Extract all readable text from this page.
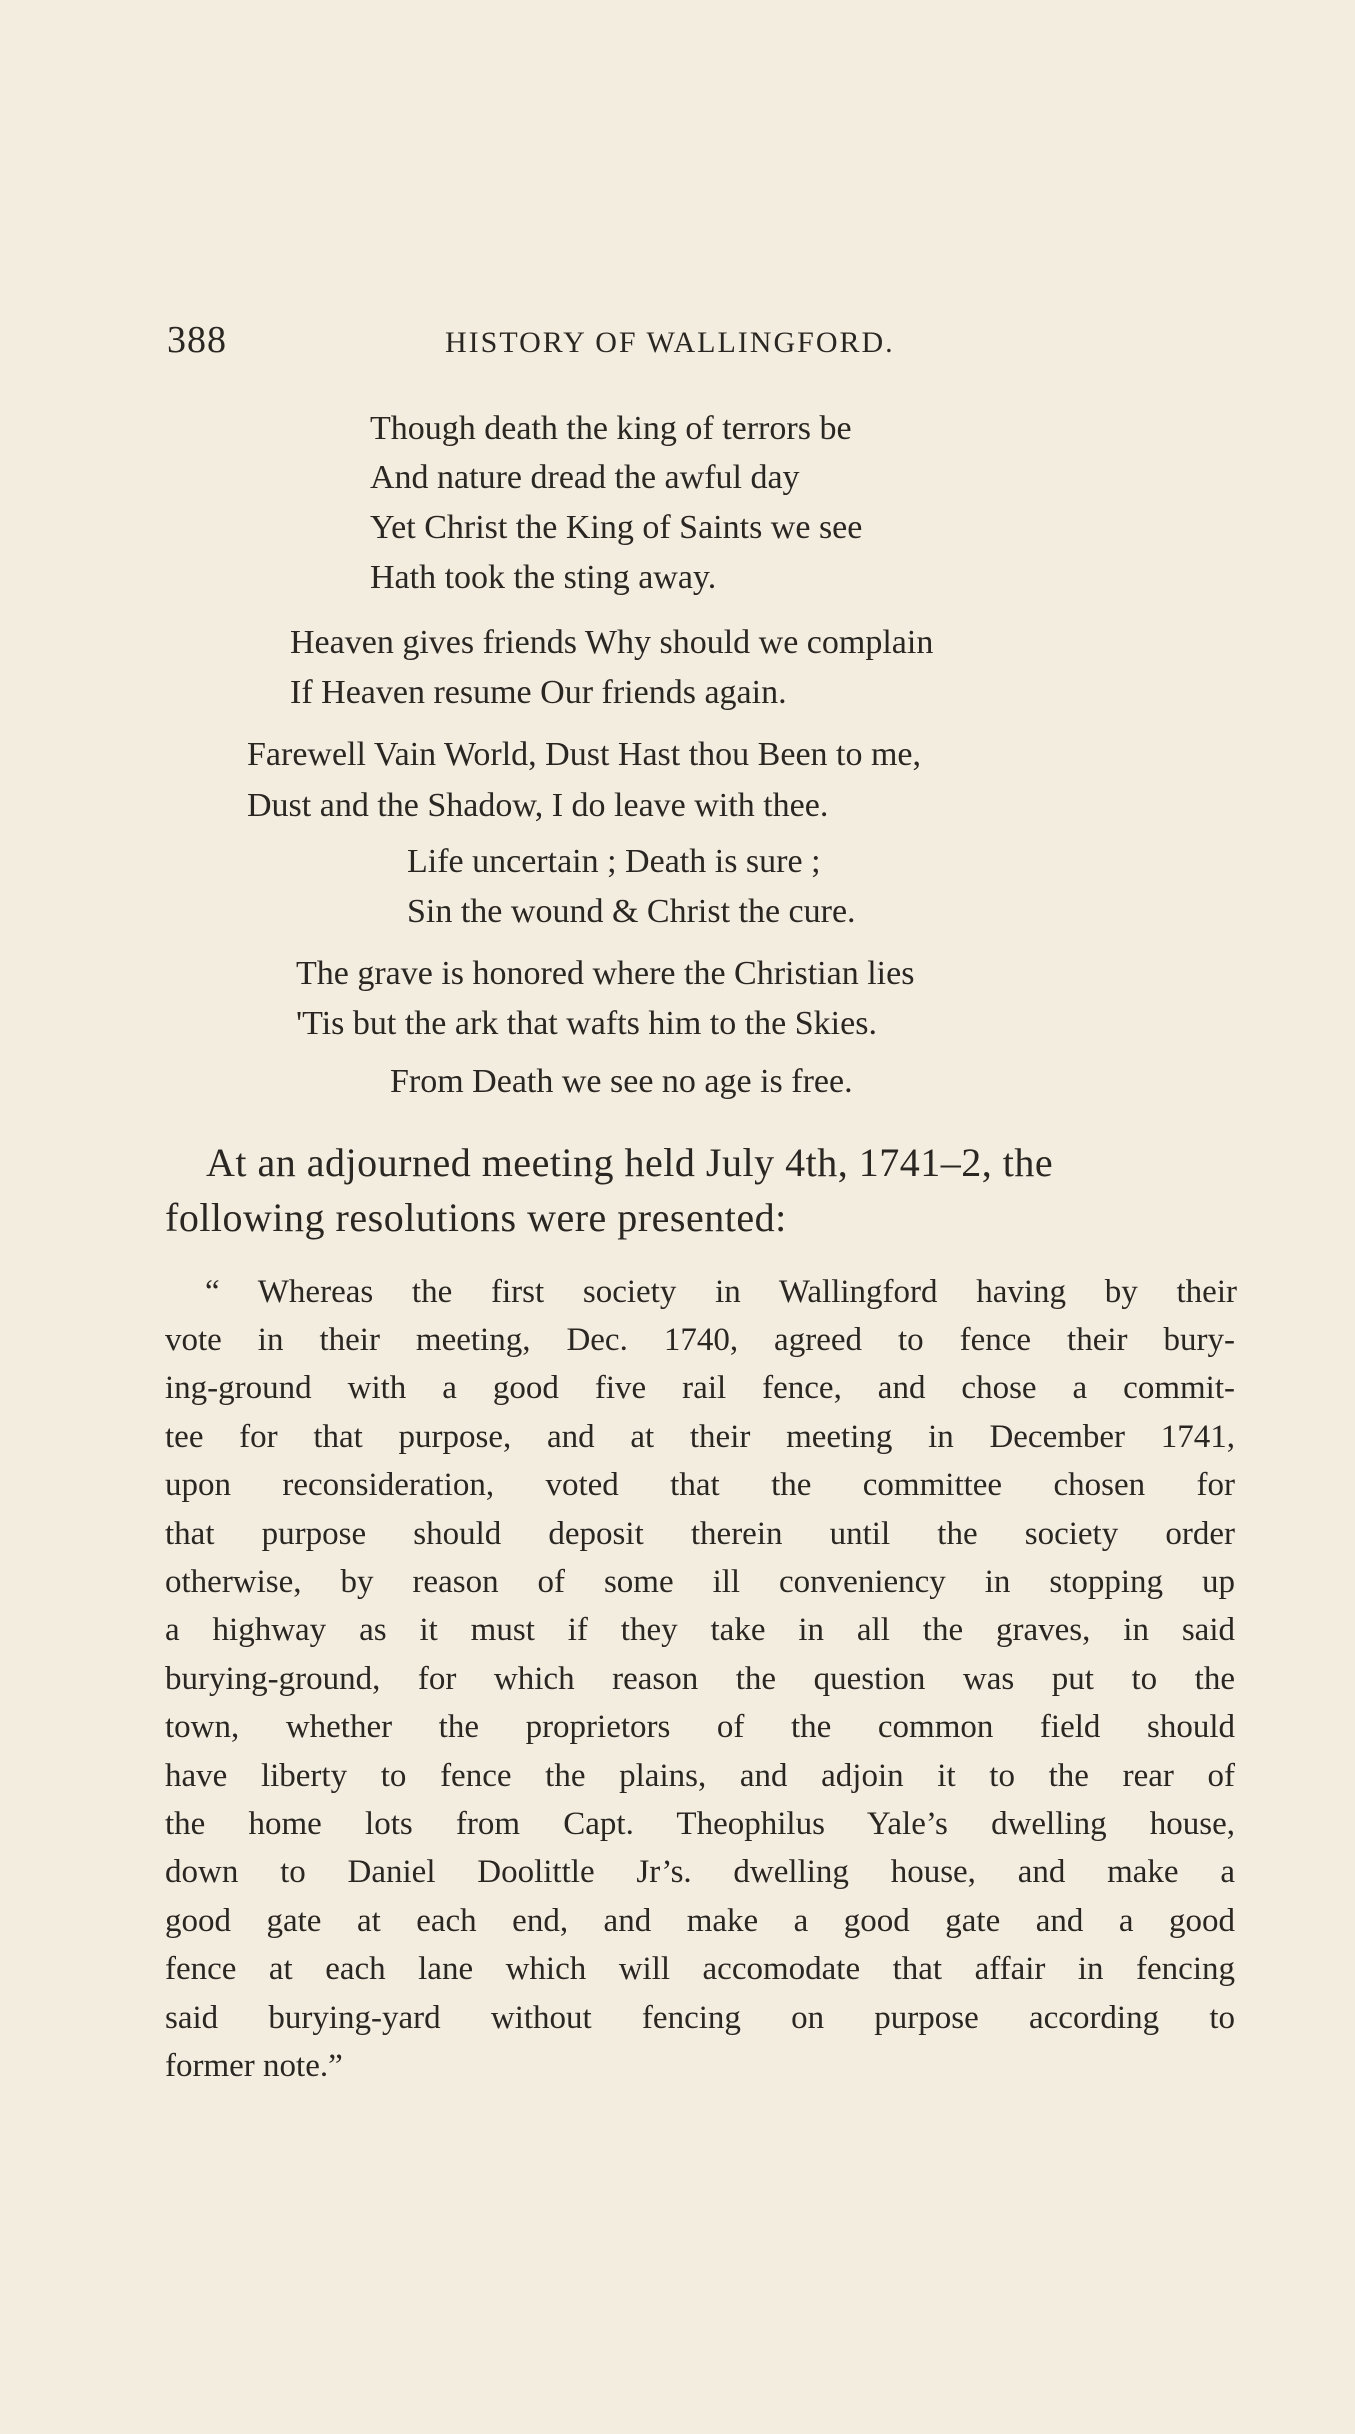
388	HISTORY OF WALLINGFORD.
Though death the king of terrors be
And nature dread the awful day
Yet Christ the King of Saints we see
Hath took the sting away.
Heaven gives friends Why should we complain
If Heaven resume Our friends again.
Farewell Vain World, Dust Hast thou Been to me,
Dust and the Shadow, I do leave with thee.
Life uncertain ; Death is sure ;
Sin the wound & Christ the cure.
The grave is honored where the Christian lies
'Tis but the ark that wafts him to the Skies.
From Death we see no age is free.
At an adjourned meeting held July 4th, 1741–2, the
following resolutions were presented:
“ Whereas the first society in Wallingford having by their
vote in their meeting, Dec. 1740, agreed to fence their bury-
ing-ground with a good five rail fence, and chose a commit-
tee for that purpose, and at their meeting in December 1741,
upon reconsideration, voted that the committee chosen for
that purpose should deposit therein until the society order
otherwise, by reason of some ill conveniency in stopping up
a highway as it must if they take in all the graves, in said
burying-ground, for which reason the question was put to the
town, whether the proprietors of the common field should
have liberty to fence the plains, and adjoin it to the rear of
the home lots from Capt. Theophilus Yale’s dwelling house,
down to Daniel Doolittle Jr’s. dwelling house, and make a
good gate at each end, and make a good gate and a good
fence at each lane which will accomodate that affair in fencing
said burying-yard without fencing on purpose according to
former note.”
